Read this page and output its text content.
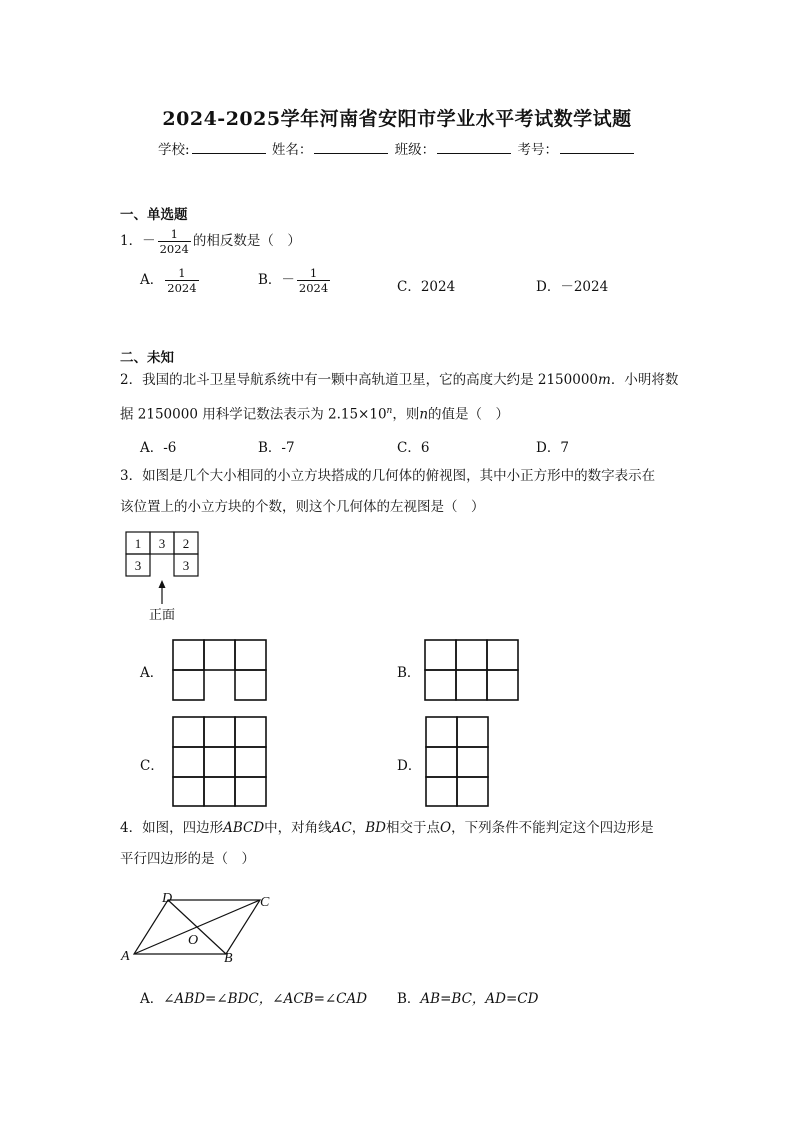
2024-2025学年河南省安阳市学业水平考试数学试题
学校:	姓名：	班级：	考号：
一、单选题
1．－ $\frac{1}{2024}$ 的相反数是（　）
A． $\frac{1}{2024}$	B．－ $\frac{1}{2024}$	C．2024	D．－2024
二、未知
2．我国的北斗卫星导航系统中有一颗中高轨道卫星，它的高度大约是 2150000m．小明将数
据 2150000 用科学记数法表示为 $2.15\times 10^n$，则n的值是（　）
A．-6	B．-7	C．6	D．7
3．如图是几个大小相同的小立方块搭成的几何体的俯视图，其中小正方形中的数字表示在
该位置上的小立方块的个数，则这个几何体的左视图是（　）
1 3 2
3	3
正面
A．	B．
C．	D．
4．如图，四边形ABCD中，对角线AC，BD相交于点O，下列条件不能判定这个四边形是
平行四边形的是（　）
A	B
C
D
O
A．∠ABD=∠BDC，∠ACB=∠CAD B．AB=BC，AD=CD
